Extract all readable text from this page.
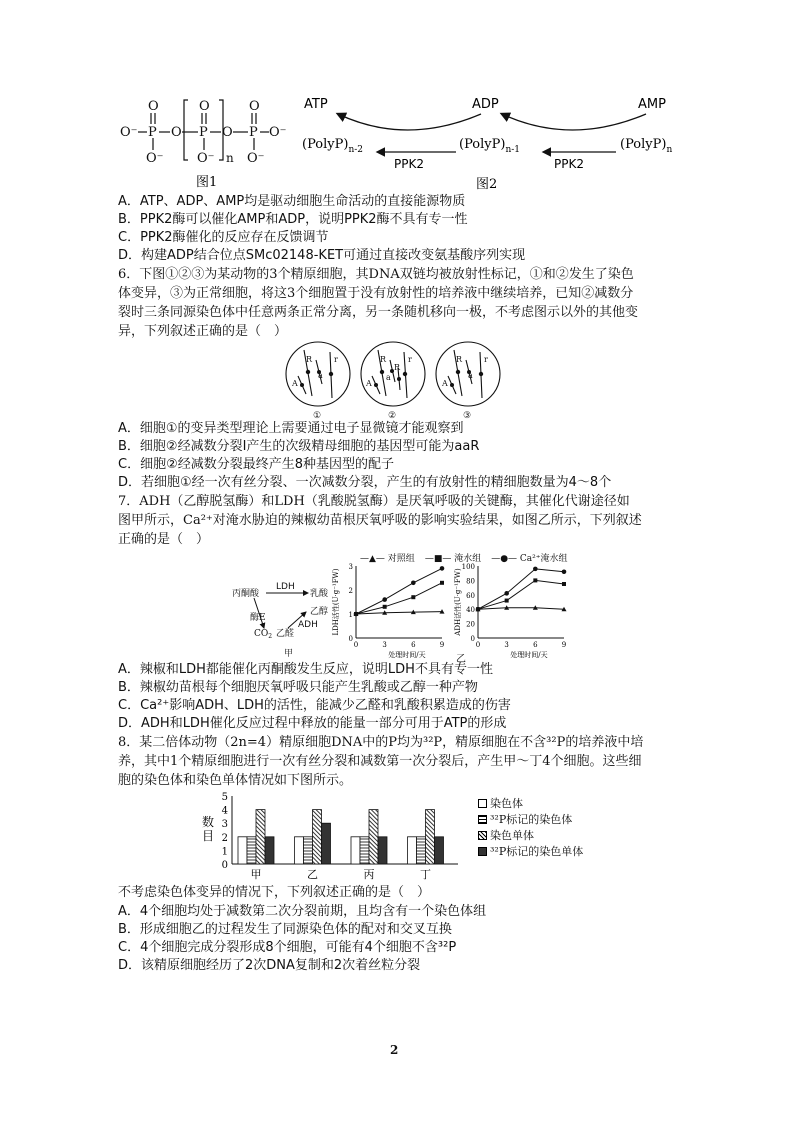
O	O	O
O⁻ P O P O P O⁻
O⁻	O⁻ O⁻
n
图1
ATP	ADP	AMP
$(PolyP)_{n-2}$	$(PolyP)_{n-1}$	$(PolyP)_n$
PPK2	PPK2
图2
A．ATP、ADP、AMP均是驱动细胞生命活动的直接能源物质
B．PPK2酶可以催化AMP和ADP，说明PPK2酶不具有专一性
C．PPK2酶催化的反应存在反馈调节
D．构建ADP结合位点SMc02148-KET可通过直接改变氨基酸序列实现
6．下图①②③为某动物的3个精原细胞，其DNA双链均被放射性标记，①和②发生了染色
体变异，③为正常细胞，将这3个细胞置于没有放射性的培养液中继续培养，已知②减数分
裂时三条同源染色体中任意两条正常分离，另一条随机移向一极，不考虑图示以外的其他变
异，下列叙述正确的是（　）
R	r
A
a
R	r
A
a
R
R	r
A
a
①	②	③
A．细胞①的变异类型理论上需要通过电子显微镜才能观察到
B．细胞②经减数分裂Ⅰ产生的次级精母细胞的基因型可能为aaR
C．细胞②经减数分裂最终产生8种基因型的配子
D．若细胞①经一次有丝分裂、一次减数分裂，产生的有放射性的精细胞数量为4～8个
7．ADH（乙醇脱氢酶）和LDH（乳酸脱氢酶）是厌氧呼吸的关键酶，其催化代谢途径如
图甲所示，Ca²⁺对淹水胁迫的辣椒幼苗根厌氧呼吸的影响实验结果，如图乙所示，下列叙述
正确的是（　）
丙酮酸
LDH
乳酸
酶E
乙醇
ADH
$CO_2$ 乙醛
甲
—▲— 对照组 —■— 淹水组 —●— Ca²⁺淹水组
0
1
2
3
0	3	6	9
处理时间/天
LDH活性(U·g⁻¹FW)
0
20
40
60
80
100
0	3	6	9
处理时间/天
ADH活性(U·g⁻¹FW)
乙
A．辣椒和LDH都能催化丙酮酸发生反应，说明LDH不具有专一性
B．辣椒幼苗根每个细胞厌氧呼吸只能产生乳酸或乙醇一种产物
C．Ca²⁺影响ADH、LDH的活性，能减少乙醛和乳酸积累造成的伤害
D．ADH和LDH催化反应过程中释放的能量一部分可用于ATP的形成
8．某二倍体动物（2n=4）精原细胞DNA中的P均为³²P，精原细胞在不含³²P的培养液中培
养，其中1个精原细胞进行一次有丝分裂和减数第一次分裂后，产生甲～丁4个细胞。这些细
胞的染色体和染色单体情况如下图所示。
数
目
0
1
2
3
4
5
甲	乙	丙	丁
染色体
³²P标记的染色体
染色单体
³²P标记的染色单体
不考虑染色体变异的情况下，下列叙述正确的是（　）
A．4个细胞均处于减数第二次分裂前期，且均含有一个染色体组
B．形成细胞乙的过程发生了同源染色体的配对和交叉互换
C．4个细胞完成分裂形成8个细胞，可能有4个细胞不含³²P
D．该精原细胞经历了2次DNA复制和2次着丝粒分裂
2
